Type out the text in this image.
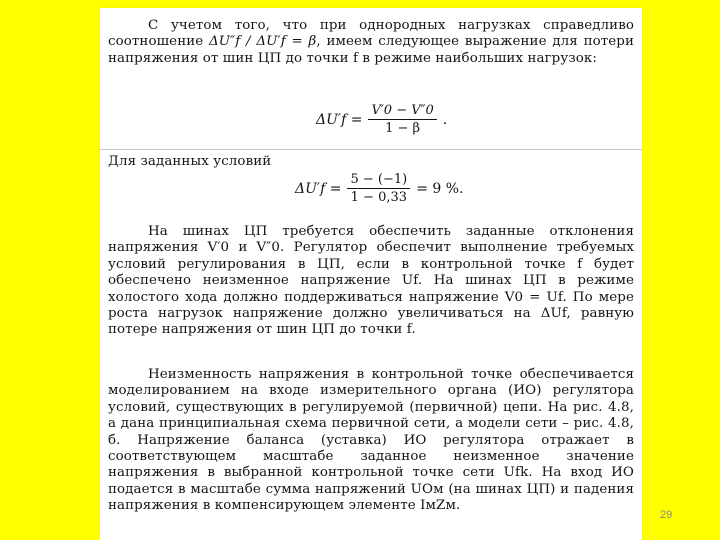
С учетом того, что при однородных нагрузках справедливо соотношение ΔU″f / ΔU′f = β, имеем следующее выражение для потери напряжения от шин ЦП до точки f в режиме наибольших нагрузок:
$\Delta U'f = \frac{V'0 - V''0}{1 - \beta}$ .
Для заданных условий
$\Delta U'f = \frac{5 - (-1)}{1 - 0,33} = 9$ %.
На шинах ЦП требуется обеспечить заданные отклонения напряжения V′0 и V″0. Регулятор обеспечит выполнение требуемых условий регулирования в ЦП, если в контрольной точке f будет обеспечено неизменное напряжение Uf. На шинах ЦП в режиме холостого хода должно поддерживаться напряжение V0 = Uf. По мере роста нагрузок напряжение должно увеличиваться на ΔUf, равную потере напряжения от шин ЦП до точки f.
Неизменность напряжения в контрольной точке обеспечивается моделированием на входе измерительного органа (ИО) регулятора условий, существующих в регулируемой (первичной) цепи. На рис. 4.8, а дана принципиальная схема первичной сети, а модели сети – рис. 4.8, б. Напряжение баланса (уставка) ИО регулятора отражает в соответствующем масштабе заданное неизменное значение напряжения в выбранной контрольной точке сети Ufk. На вход ИО подается в масштабе сумма напряжений UОм (на шинах ЦП) и падения напряжения в компенсирующем элементе IмZм.
29
